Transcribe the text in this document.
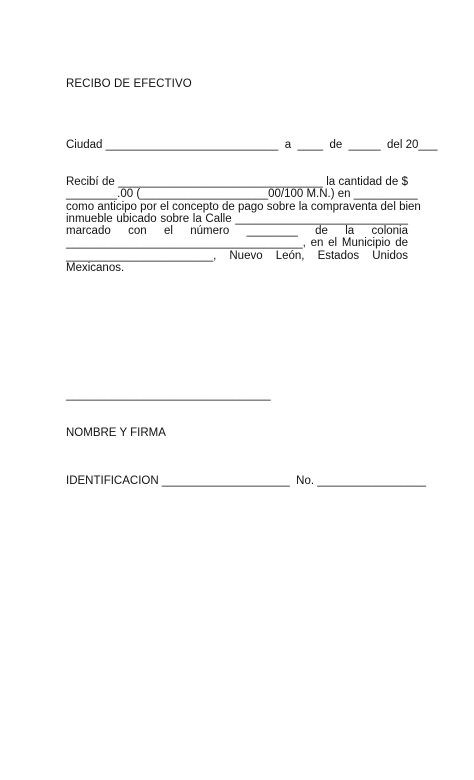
RECIBO DE EFECTIVO
Ciudad ___________________________  a  ____  de  _____  del 20___
Recibí de ________________________________ la cantidad de $
________.00 (____________________00/100 M.N.) en __________
como anticipo por el concepto de pago sobre la compraventa del bien
inmueble ubicado sobre la Calle ___________________________
marcado con el número ________ de la colonia
_____________________________________, en el Municipio de
_______________________, Nuevo León, Estados Unidos
Mexicanos.
________________________________
NOMBRE Y FIRMA
IDENTIFICACION ____________________  No. _________________
